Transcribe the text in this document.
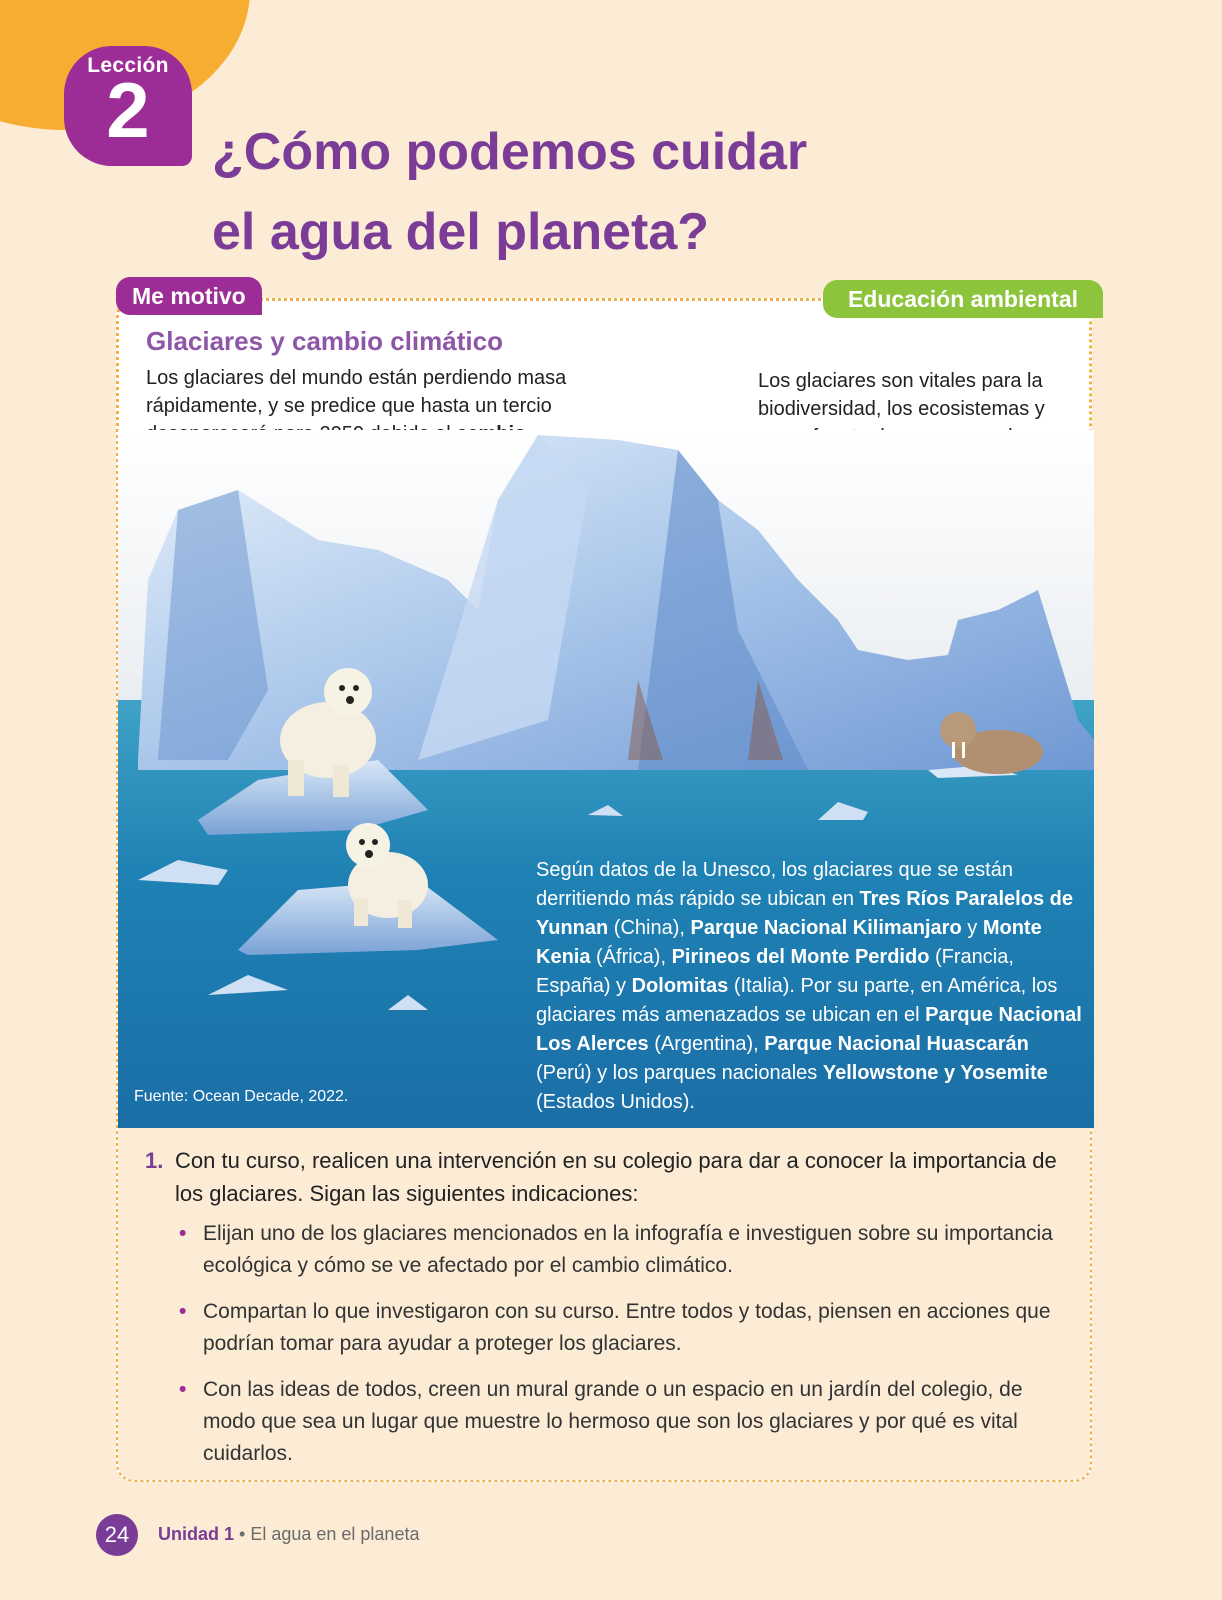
Lección
2	¿Cómo podemos cuidar
el agua del planeta?
Me motivo	Educación ambiental
Glaciares y cambio climático

Los glaciares del mundo están perdiendo masa rápidamente, y se predice que hasta un tercio

Los glaciares son vitales para la biodiversidad, los ecosistemas y

Fuente: Ocean Decade, 2022.

Según datos de la Unesco, los glaciares que se están derritiendo más rápido se ubican en Tres Ríos Paralelos de Yunnan (China), Parque Nacional Kilimanjaro y Monte Kenia (África), Pirineos del Monte Perdido (Francia, España) y Dolomitas (Italia). Por su parte, en América, los glaciares más amenazados se ubican en el Parque Nacional Los Alerces (Argentina), Parque Nacional Huascarán (Perú) y los parques nacionales Yellowstone y Yosemite (Estados Unidos).

1. Con tu curso, realicen una intervención en su colegio para dar a conocer la importancia de los glaciares. Sigan las siguientes indicaciones:
• Elijan uno de los glaciares mencionados en la infografía e investiguen sobre su importancia ecológica y cómo se ve afectado por el cambio climático.
• Compartan lo que investigaron con su curso. Entre todos y todas, piensen en acciones que podrían tomar para ayudar a proteger los glaciares.
• Con las ideas de todos, creen un mural grande o un espacio en un jardín del colegio, de modo que sea un lugar que muestre lo hermoso que son los glaciares y por qué es vital cuidarlos.
24	Unidad 1 • El agua en el planeta
